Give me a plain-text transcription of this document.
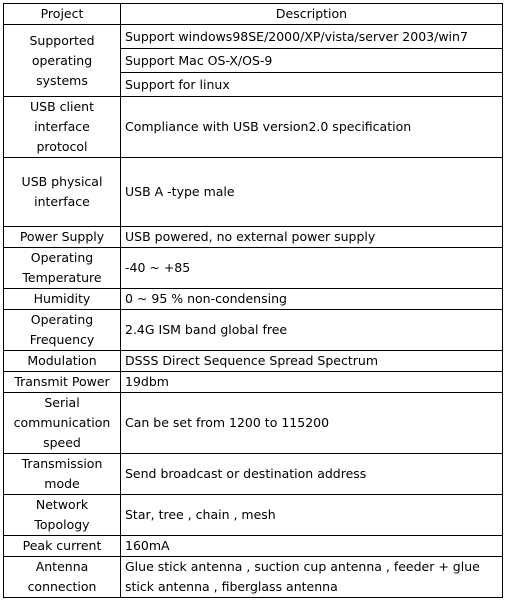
Project	Description
Supported operating systems	Support windows98SE/2000/XP/vista/server 2003/win7
	Support Mac OS-X/OS-9
	Support for linux
USB client interface protocol	Compliance with USB version2.0 specification
USB physical interface	USB A -type male
Power Supply	USB powered, no external power supply
Operating Temperature	-40 ~ +85
Humidity	0 ~ 95 % non-condensing
Operating Frequency	2.4G ISM band global free
Modulation	DSSS Direct Sequence Spread Spectrum
Transmit Power	19dbm
Serial communication speed	Can be set from 1200 to 115200
Transmission mode	Send broadcast or destination address
Network Topology	Star, tree , chain , mesh
Peak current	160mA
Antenna connection	Glue stick antenna , suction cup antenna , feeder + glue stick antenna , fiberglass antenna
